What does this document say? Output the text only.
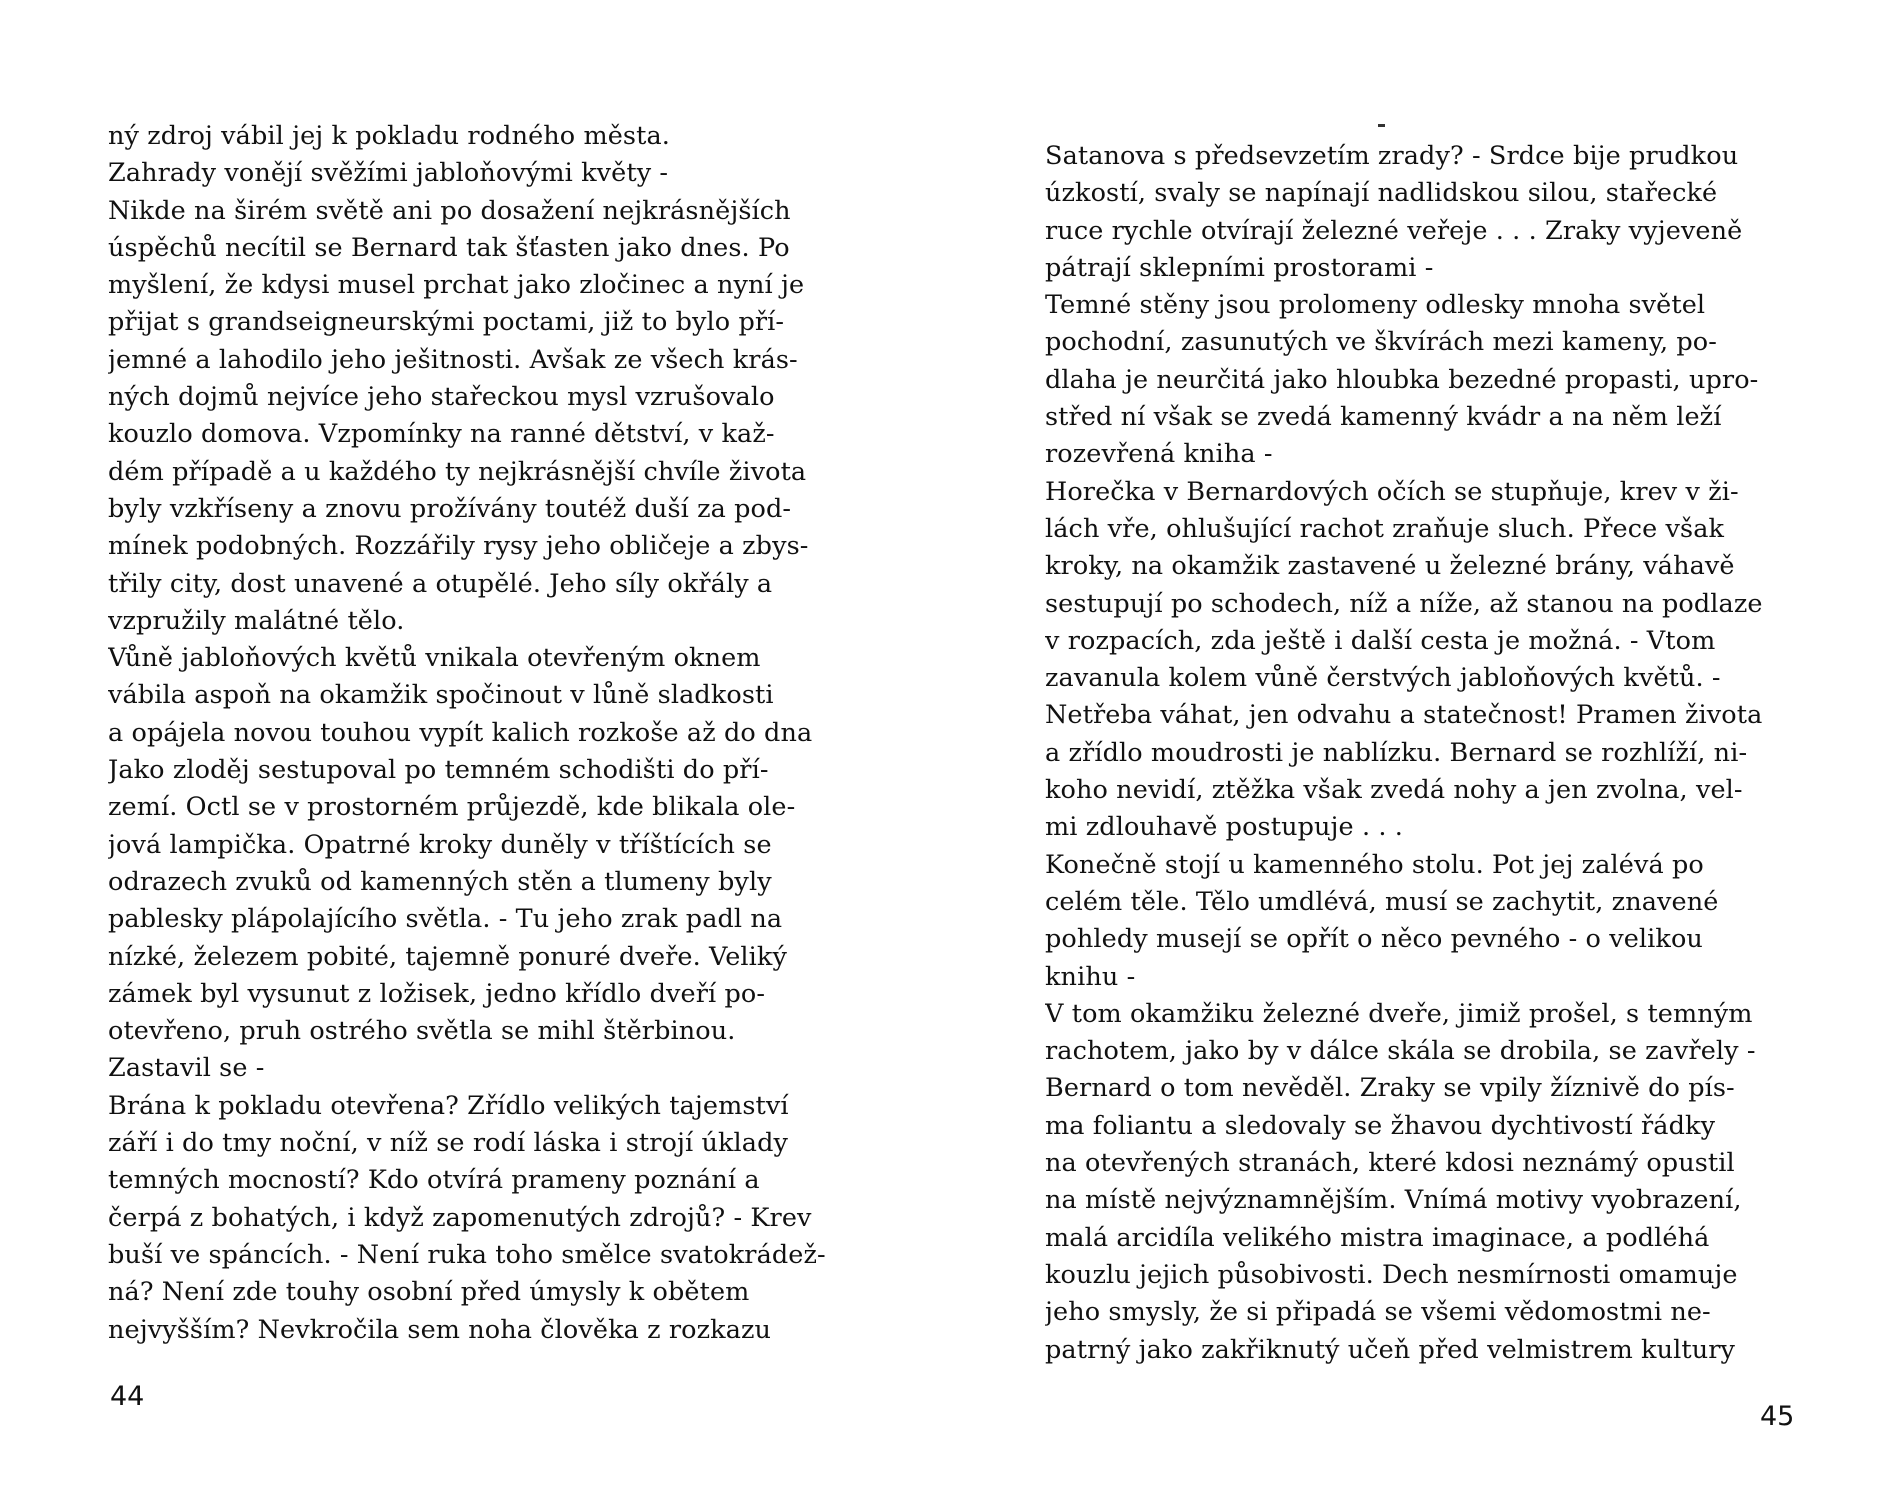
ný zdroj vábil jej k pokladu rodného města.
Zahrady vonějí svěžími jabloňovými květy -
Nikde na širém světě ani po dosažení nejkrásnějších
úspěchů necítil se Bernard tak šťasten jako dnes. Po
myšlení, že kdysi musel prchat jako zločinec a nyní je
přijat s grandseigneurskými poctami, již to bylo pří-
jemné a lahodilo jeho ješitnosti. Avšak ze všech krás-
ných dojmů nejvíce jeho stařeckou mysl vzrušovalo
kouzlo domova. Vzpomínky na ranné dětství, v kaž-
dém případě a u každého ty nejkrásnější chvíle života
byly vzkříseny a znovu prožívány toutéž duší za pod-
mínek podobných. Rozzářily rysy jeho obličeje a zbys-
třily city, dost unavené a otupělé. Jeho síly okřály a
vzpružily malátné tělo.
Vůně jabloňových květů vnikala otevřeným oknem
vábila aspoň na okamžik spočinout v lůně sladkosti
a opájela novou touhou vypít kalich rozkoše až do dna
Jako zloděj sestupoval po temném schodišti do pří-
zemí. Octl se v prostorném průjezdě, kde blikala ole-
jová lampička. Opatrné kroky duněly v tříštících se
odrazech zvuků od kamenných stěn a tlumeny byly
pablesky plápolajícího světla. - Tu jeho zrak padl na
nízké, železem pobité, tajemně ponuré dveře. Veliký
zámek byl vysunut z ložisek, jedno křídlo dveří po-
otevřeno, pruh ostrého světla se mihl štěrbinou.
Zastavil se -
Brána k pokladu otevřena? Zřídlo velikých tajemství
září i do tmy noční, v níž se rodí láska i strojí úklady
temných mocností? Kdo otvírá prameny poznání a
čerpá z bohatých, i když zapomenutých zdrojů? - Krev
buší ve spáncích. - Není ruka toho smělce svatokrádež-
ná? Není zde touhy osobní před úmysly k obětem
nejvyšším? Nevkročila sem noha člověka z rozkazu
44
Satanova s předsevzetím zrady? - Srdce bije prudkou
úzkostí, svaly se napínají nadlidskou silou, stařecké
ruce rychle otvírají železné veřeje . . . Zraky vyjeveně
pátrají sklepními prostorami -
Temné stěny jsou prolomeny odlesky mnoha světel
pochodní, zasunutých ve škvírách mezi kameny, po-
dlaha je neurčitá jako hloubka bezedné propasti, upro-
střed ní však se zvedá kamenný kvádr a na něm leží
rozevřená kniha -
Horečka v Bernardových očích se stupňuje, krev v ži-
lách vře, ohlušující rachot zraňuje sluch. Přece však
kroky, na okamžik zastavené u železné brány, váhavě
sestupují po schodech, níž a níže, až stanou na podlaze
v rozpacích, zda ještě i další cesta je možná. - Vtom
zavanula kolem vůně čerstvých jabloňových květů. -
Netřeba váhat, jen odvahu a statečnost! Pramen života
a zřídlo moudrosti je nablízku. Bernard se rozhlíží, ni-
koho nevidí, ztěžka však zvedá nohy a jen zvolna, vel-
mi zdlouhavě postupuje . . .
Konečně stojí u kamenného stolu. Pot jej zalévá po
celém těle. Tělo umdlévá, musí se zachytit, znavené
pohledy musejí se opřít o něco pevného - o velikou
knihu -
V tom okamžiku železné dveře, jimiž prošel, s temným
rachotem, jako by v dálce skála se drobila, se zavřely -
Bernard o tom nevěděl. Zraky se vpily žíznivě do pís-
ma foliantu a sledovaly se žhavou dychtivostí řádky
na otevřených stranách, které kdosi neznámý opustil
na místě nejvýznamnějším. Vnímá motivy vyobrazení,
malá arcidíla velikého mistra imaginace, a podléhá
kouzlu jejich působivosti. Dech nesmírnosti omamuje
jeho smysly, že si připadá se všemi vědomostmi ne-
patrný jako zakřiknutý učeň před velmistrem kultury
45
